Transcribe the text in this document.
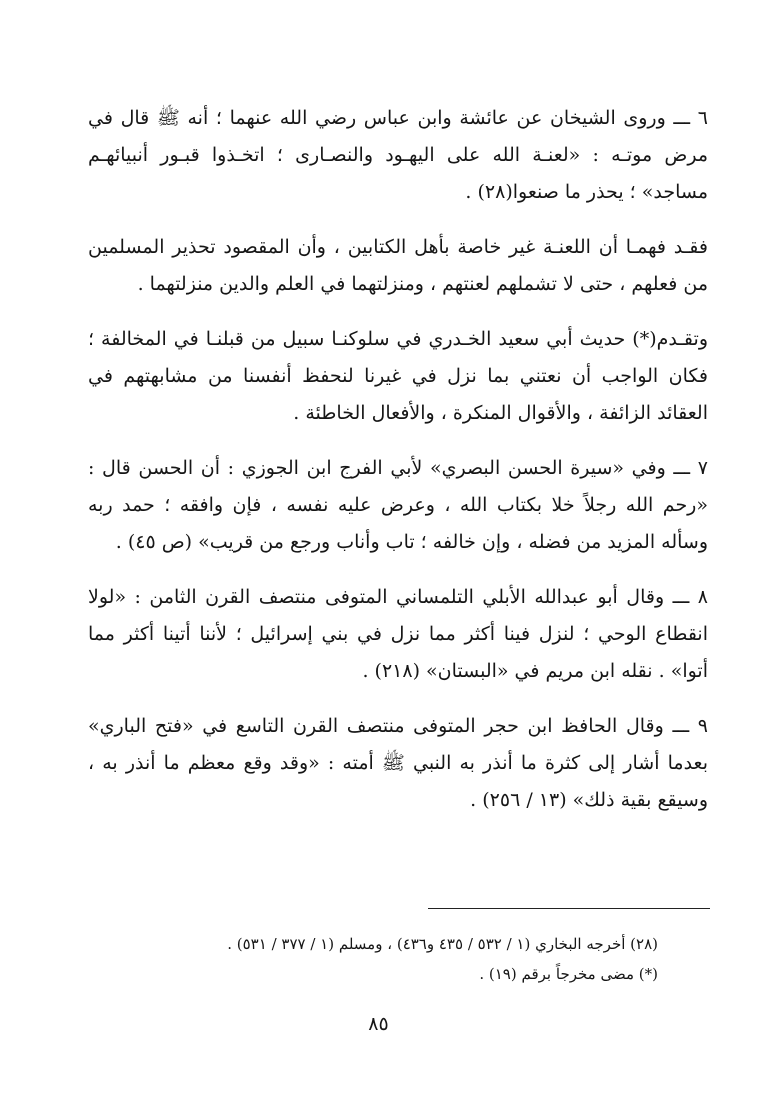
٦ ـــ وروى الشيخان عن عائشة وابن عباس رضي الله عنهما ؛ أنه ﷺ قال في مرض موتـه : «لعنـة الله على اليهـود والنصـارى ؛ اتخـذوا قبـور أنبيائهـم مساجد» ؛ يحذر ما صنعوا(٢٨) .

فقـد فهمـا أن اللعنـة غير خاصة بأهل الكتابين ، وأن المقصود تحذير المسلمين من فعلهم ، حتى لا تشملهم لعنتهم ، ومنزلتهما في العلم والدين منزلتهما .

وتقـدم(*) حديث أبي سعيد الخـدري في سلوكنـا سبيل من قبلنـا في المخالفة ؛ فكان الواجب أن نعتني بما نزل في غيرنا لنحفظ أنفسنا من مشابهتهم في العقائد الزائفة ، والأقوال المنكرة ، والأفعال الخاطئة .

٧ ـــ وفي «سيرة الحسن البصري» لأبي الفرج ابن الجوزي : أن الحسن قال : «رحم الله رجلاً خلا بكتاب الله ، وعرض عليه نفسه ، فإن وافقه ؛ حمد ربه وسأله المزيد من فضله ، وإن خالفه ؛ تاب وأناب ورجع من قريب» (ص ٤٥) .

٨ ـــ وقال أبو عبدالله الأبلي التلمساني المتوفى منتصف القرن الثامن : «لولا انقطاع الوحي ؛ لنزل فينا أكثر مما نزل في بني إسرائيل ؛ لأننا أتينا أكثر مما أتوا» . نقله ابن مريم في «البستان» (٢١٨) .

٩ ـــ وقال الحافظ ابن حجر المتوفى منتصف القرن التاسع في «فتح الباري» بعدما أشار إلى كثرة ما أنذر به النبي ﷺ أمته : «وقد وقع معظم ما أنذر به ، وسيقع بقية ذلك» (١٣ / ٢٥٦) .

(٢٨) أخرجه البخاري (١ / ٥٣٢ / ٤٣٥ و٤٣٦) ، ومسلم (١ / ٣٧٧ / ٥٣١) .

(*) مضى مخرجاً برقم (١٩) .

٨٥
